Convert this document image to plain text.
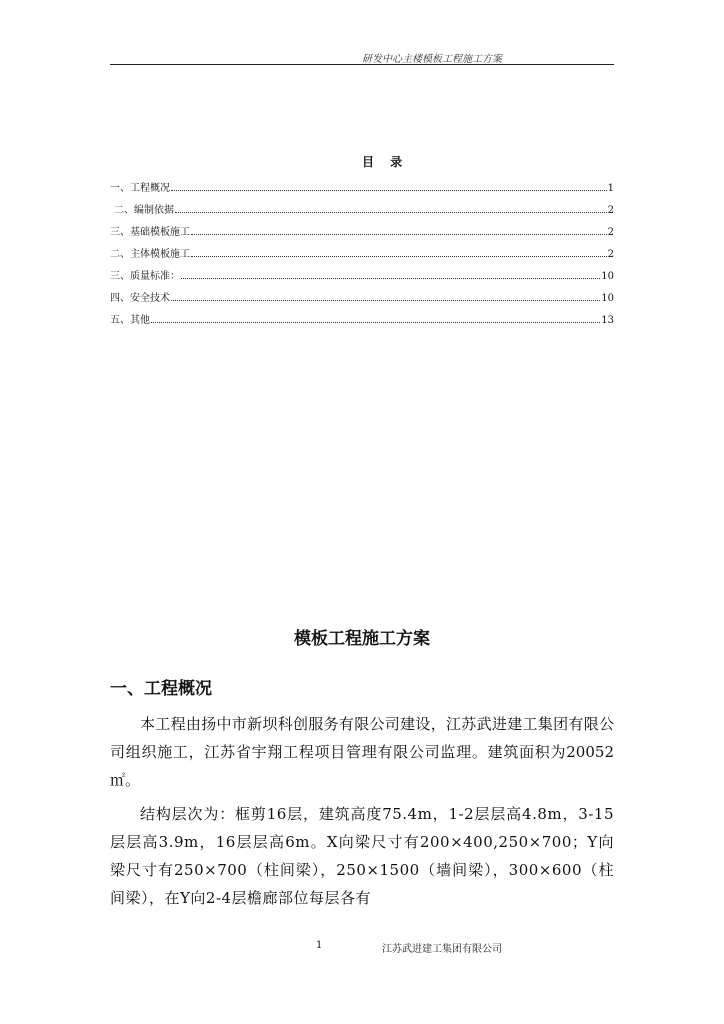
研发中心主楼模板工程施工方案
目 录
一、工程概况	1
二、编制依据	2
三、基础模板施工	2
二、主体模板施工	2
三、质量标准：	10
四、安全技术	10
五、其他	13
模板工程施工方案
一、工程概况

本工程由扬中市新坝科创服务有限公司建设，江苏武进建工集团有限公司组织施工，江苏省宇翔工程项目管理有限公司监理。建筑面积为20052㎡。

结构层次为：框剪16层，建筑高度75.4m，1-2层层高4.8m，3-15层层高3.9m，16层层高6m。X向梁尺寸有200×400,250×700；Y向梁尺寸有250×700（柱间梁），250×1500（墙间梁），300×600（柱间梁），在Y向2-4层檐廊部位每层各有

1	江苏武进建工集团有限公司
